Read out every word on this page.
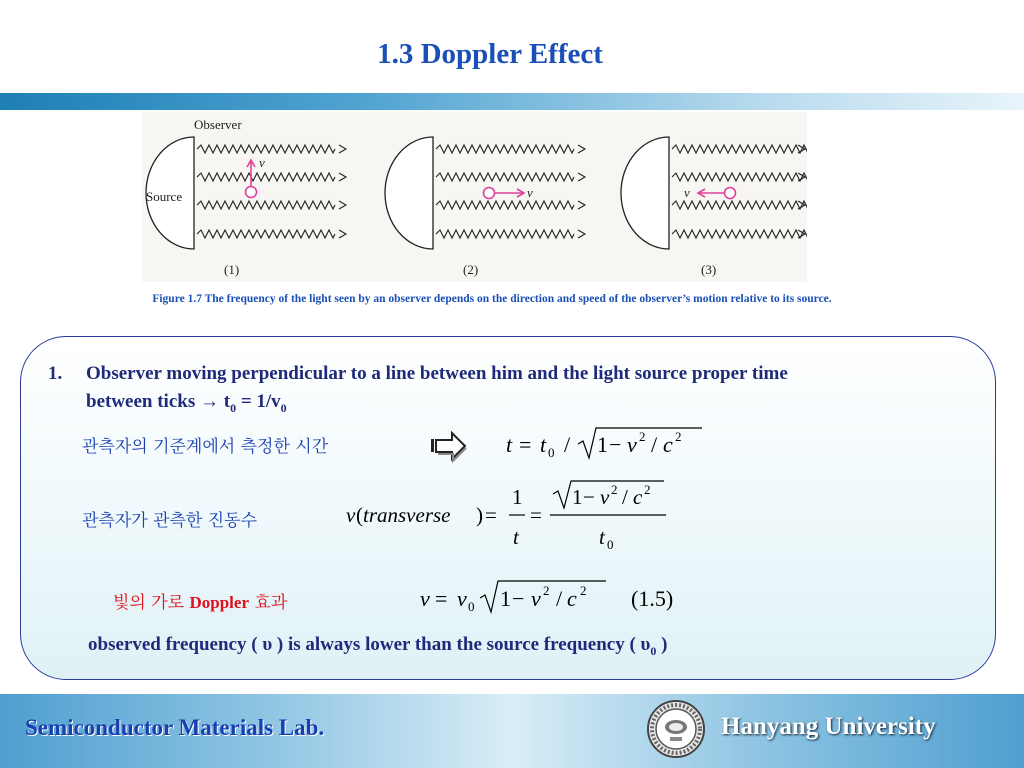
1.3 Doppler Effect
Observer
Source
v
(1)
v
(2)
v
(3)
Figure 1.7 The frequency of the light seen by an observer depends on the direction and speed of the observer’s motion relative to its source.
1. Observer moving perpendicular to a line between him and the light source proper time
between ticks → $t_0 = 1/v_0$
관측자의 기준계에서 측정한 시간	t = t 0 / 1 − v 2 / c 2
관측자가 관측한 진동수	v ( transverse ) =
1
t
=
1 − v 2 / c 2
t 0
빛의 가로 Doppler 효과	v = v 0 1 − v 2 / c 2 (1.5)
observed frequency ( υ ) is always lower than the source frequency ( $\upsilon_0$ )
Semiconductor Materials Lab.	Hanyang University
